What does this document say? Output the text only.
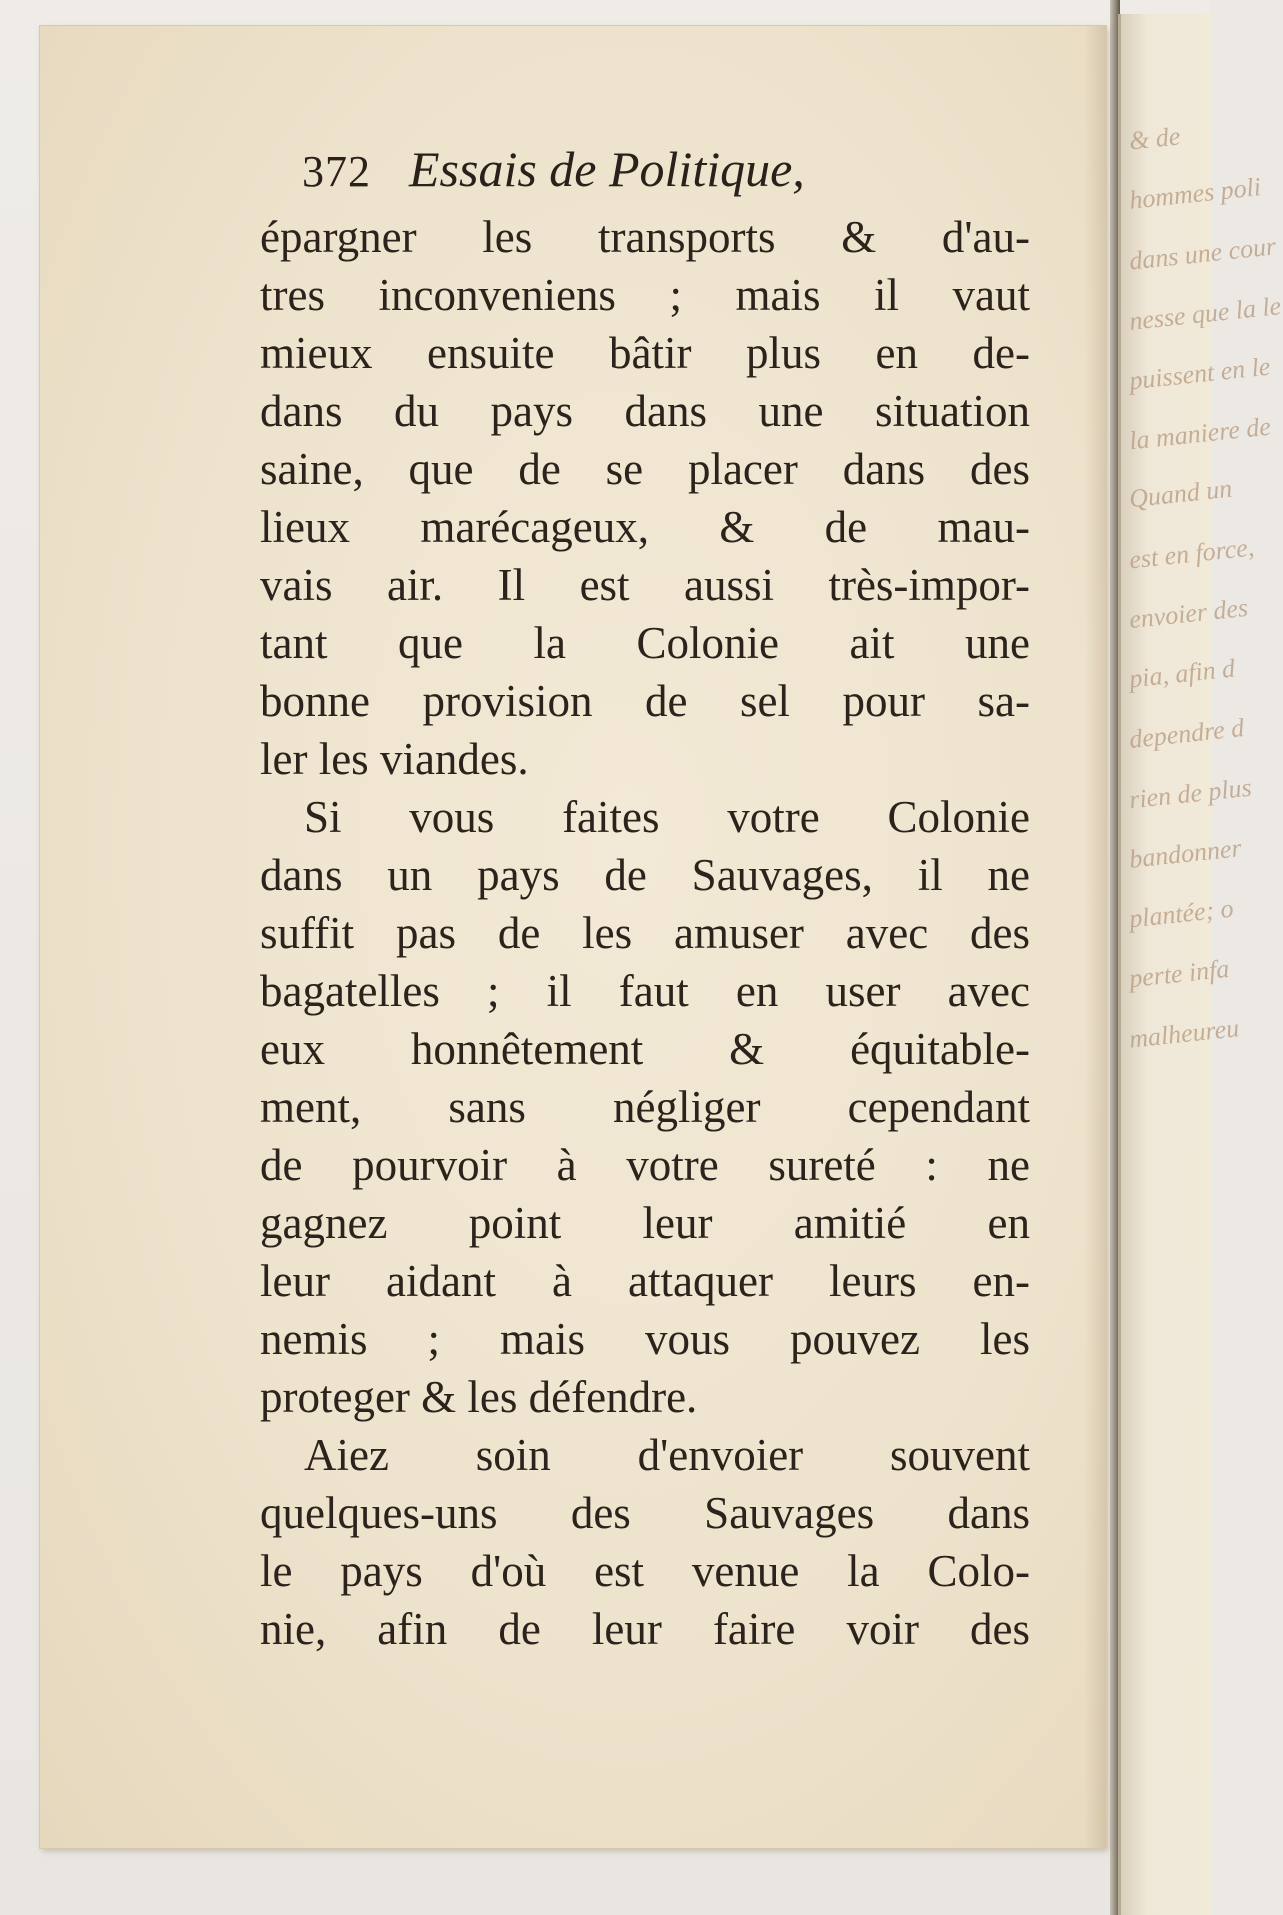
& de
hommes poli
dans une cour
nesse que la le
puissent en le
la maniere de
Quand un
est en force,
envoier des
pia, afin d
dependre d
rien de plus
bandonner
plantée; o
perte infa
malheureu
372 Essais de Politique,
épargner les transports & d'au-
tres inconveniens ; mais il vaut
mieux ensuite bâtir plus en de-
dans du pays dans une situation
saine, que de se placer dans des
lieux marécageux, & de mau-
vais air. Il est aussi très-impor-
tant que la Colonie ait une
bonne provision de sel pour sa-
ler les viandes.
Si vous faites votre Colonie
dans un pays de Sauvages, il ne
suffit pas de les amuser avec des
bagatelles ; il faut en user avec
eux honnêtement & équitable-
ment, sans négliger cependant
de pourvoir à votre sureté : ne
gagnez point leur amitié en
leur aidant à attaquer leurs en-
nemis ; mais vous pouvez les
proteger & les défendre.
Aiez soin d'envoier souvent
quelques-uns des Sauvages dans
le pays d'où est venue la Colo-
nie, afin de leur faire voir des
